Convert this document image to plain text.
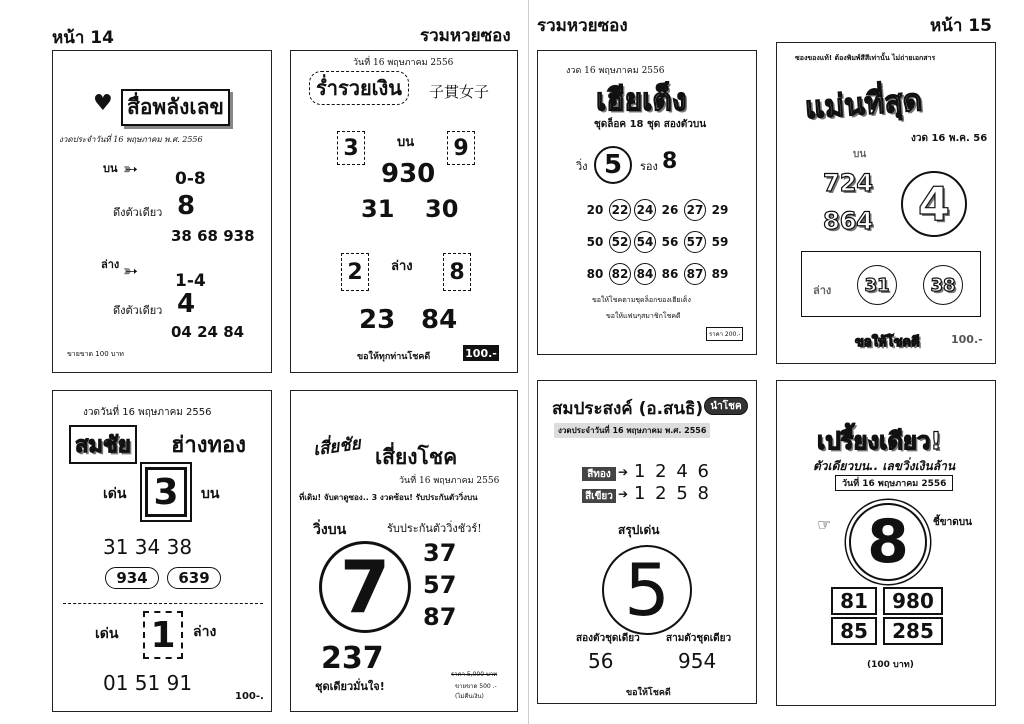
หน้า 14	รวมหวยซอง รวมหวยซอง	หน้า 15
♥ สื่อพลังเลข
งวดประจำวันที่ 16 พฤษภาคม พ.ศ. 2556
บน ➳ 0-8
ดึงตัวเดียว 8
38 68 938
ล่าง ➳ 1-4
ดึงตัวเดียว 4
04 24 84
ขายขาด 100 บาท
วันที่ 16 พฤษภาคม 2556
ร่ำรวยเงิน	子貫女子
3	บน 9
930
31 30
2	ล่าง 8
23 84
ขอให้ทุกท่านโชคดี	100.-
งวด 16 พฤษภาคม 2556
เฮียเต็ง
ชุดล็อค 18 ชุด สองตัวบน
วิ่ง 5	รอง 8
20 22 24 26 27 29
50 52 54 56 57 59
80 82 84 86 87 89
ขอให้โชคตามชุดล็อกของเฮียเต็ง
ขอให้แฟนๆสมาชิกโชคดี
ราคา 200.-
ซองของแท้! ต้องพิมพ์สีสีเท่านั้น ไม่ถ่ายเอกสาร
แม่นที่สุด
งวด 16 พ.ค. 56
บน
724
864 4
ล่าง 31 38
ขอให้โชคดี	100.-
งวดวันที่ 16 พฤษภาคม 2556
สมชัย ฮ่างทอง
เด่น 3	บน
31 34 38
934	639
เด่น 1	ล่าง
01 51 91
100-.
เสี่ยชัย เสี่ยงโชค
วันที่ 16 พฤษภาคม 2556
ที่เดิม! จับตาดูซอง.. 3 งวดซ้อน! รับประกันตัววิ่งบน
วิ่งบน	รับประกันตัววิ่งชัวร์!
7 37
57
87
237
ชุดเดียวมั่นใจ!
ราคา 5,000 บาท
ขายขาด 500 .-
(ไม่คืนเงิน)
สมประสงค์ (อ.สนธิ) นำโชค
งวดประจำวันที่ 16 พฤษภาคม พ.ศ. 2556
สีทอง ➔ 1 2 4 6
สีเขียว ➔ 1 2 5 8
สรุปเด่น
5
สองตัวชุดเดียว	สามตัวชุดเดียว
56	954
ขอให้โชคดี
เปรี้ยงเดียว!
ตัวเดียวบน.. เลขวิ่งเงินล้าน
วันที่ 16 พฤษภาคม 2556
☞ 8 ชี้ขาดบน
81	980
85	285
(100 บาท)
